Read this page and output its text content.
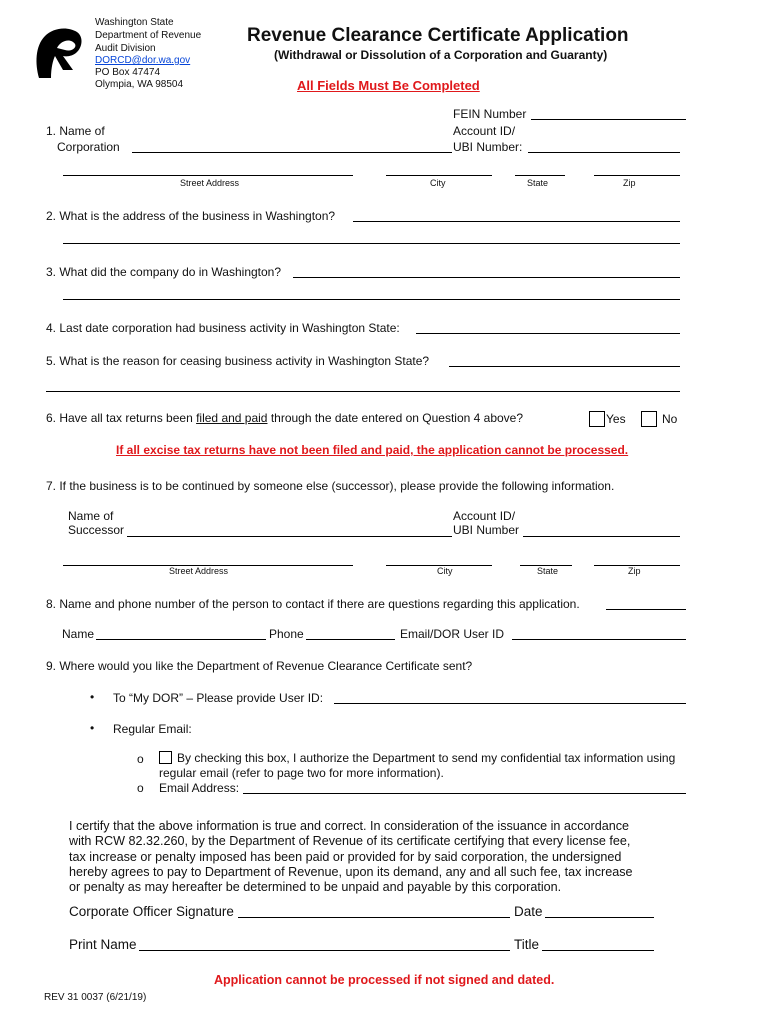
Washington State
Department of Revenue
Audit Division
DORCD@dor.wa.gov
PO Box 47474
Olympia, WA 98504
Revenue Clearance Certificate Application
(Withdrawal or Dissolution of a Corporation and Guaranty)
All Fields Must Be Completed
FEIN Number
Account ID/
1. Name of
Corporation	UBI Number:
Street Address	City	State	Zip
2. What is the address of the business in Washington?
3. What did the company do in Washington?
4. Last date corporation had business activity in Washington State:
5. What is the reason for ceasing business activity in Washington State?
6. Have all tax returns been filed and paid through the date entered on Question 4 above?	Yes	No
If all excise tax returns have not been filed and paid, the application cannot be processed.
7. If the business is to be continued by someone else (successor), please provide the following information.
Name of
Successor
Account ID/
UBI Number
Street Address	City	State	Zip
8. Name and phone number of the person to contact if there are questions regarding this application.
Name	Phone	Email/DOR User ID
9. Where would you like the Department of Revenue Clearance Certificate sent?
• To “My DOR” – Please provide User ID:
• Regular Email:
o	By checking this box, I authorize the Department to send my confidential tax information using
regular email (refer to page two for more information).
o Email Address:

I certify that the above information is true and correct. In consideration of the issuance in accordance

with RCW 82.32.260, by the Department of Revenue of its certificate certifying that every license fee,

tax increase or penalty imposed has been paid or provided for by said corporation, the undersigned

hereby agrees to pay to Department of Revenue, upon its demand, any and all such fee, tax increase

or penalty as may hereafter be determined to be unpaid and payable by this corporation.

Corporate Officer Signature	Date
Print Name	Title
Application cannot be processed if not signed and dated.
REV 31 0037 (6/21/19)
